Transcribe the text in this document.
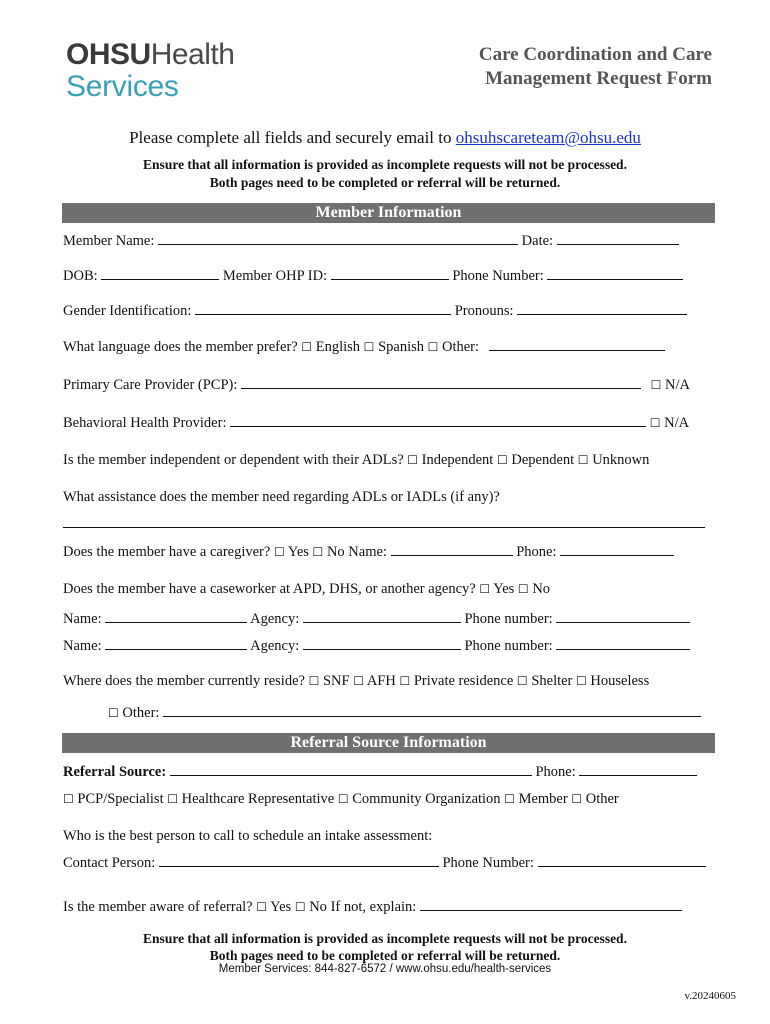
OHSUHealth
Services
Care Coordination and Care Management Request Form
Please complete all fields and securely email to ohsuhscareteam@ohsu.edu
Ensure that all information is provided as incomplete requests will not be processed.
Both pages need to be completed or referral will be returned.
Member Information
Member Name:	Date:
DOB:	Member OHP ID:	Phone Number:
Gender Identification:	Pronouns:
What language does the member prefer? ☐ English ☐ Spanish ☐ Other:
Primary Care Provider (PCP):	☐ N/A
Behavioral Health Provider:	☐ N/A
Is the member independent or dependent with their ADLs? ☐ Independent ☐ Dependent ☐ Unknown
What assistance does the member need regarding ADLs or IADLs (if any)?
Does the member have a caregiver? ☐ Yes ☐ No Name:	Phone:
Does the member have a caseworker at APD, DHS, or another agency? ☐ Yes ☐ No
Name:	Agency:	Phone number:
Name:	Agency:	Phone number:
Where does the member currently reside? ☐ SNF ☐ AFH ☐ Private residence ☐ Shelter ☐ Houseless
☐ Other:
Referral Source Information
Referral Source:	Phone:
☐ PCP/Specialist ☐ Healthcare Representative ☐ Community Organization ☐ Member ☐ Other
Who is the best person to call to schedule an intake assessment:
Contact Person:	Phone Number:
Is the member aware of referral? ☐ Yes ☐ No If not, explain:
Ensure that all information is provided as incomplete requests will not be processed.
Both pages need to be completed or referral will be returned.
Member Services: 844-827-6572 / www.ohsu.edu/health-services
v.20240605
